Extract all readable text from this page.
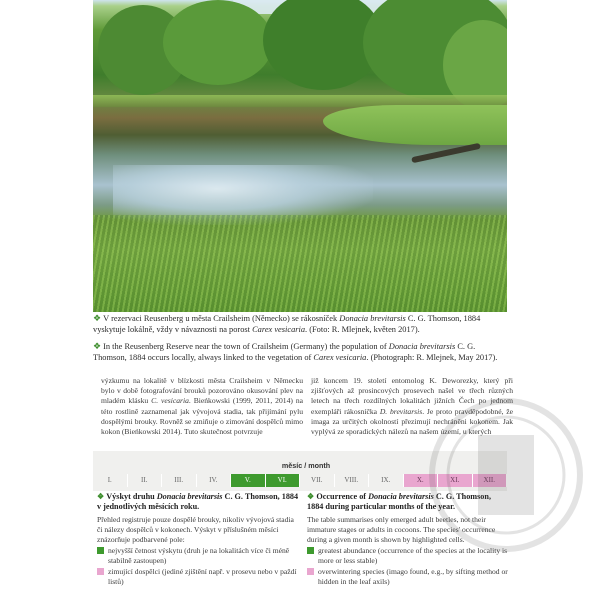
❖ V rezervaci Reusenberg u města Crailsheim (Německo) se rákosníček Donacia brevitarsis C. G. Thomson, 1884 vyskytuje lokálně, vždy v návaznosti na porost Carex vesicaria. (Foto: R. Mlejnek, květen 2017).
❖ In the Reusenberg Reserve near the town of Crailsheim (Germany) the population of Donacia brevitarsis C. G. Thomson, 1884 occurs locally, always linked to the vegetation of Carex vesicaria. (Photograph: R. Mlejnek, May 2017).
výzkumu na lokalitě v blízkosti města Crailsheim v Německu bylo v době fotografování brouků pozorováno okusování plev na mladém klásku C. vesicaria. Bieńkowski (1999, 2011, 2014) na této rostlině zaznamenal jak vývojová stadia, tak přijímání pylu dospělými brouky. Rovněž se zmiňuje o zimování dospělců mimo kokon (Bieńkowski 2014). Tuto skutečnost potvrzuje
již koncem 19. století entomolog K. Deworezky, který při zjišťových až prosincových prosevech našel ve třech různých letech na třech rozdílných lokalitách jižních Čech po jednom exempláři rákosníčka D. brevitarsis. Je proto pravděpodobné, že imaga za určitých okolností přezimují nechráněni kokonem. Jak vyplývá ze sporadických nálezů na našem území, u kterých
měsíc / month
I.	II.	III.	IV.	V.	VI.	VII.	VIII.	IX.	X.	XI.	XII.
❖ Výskyt druhu Donacia brevitarsis C. G. Thomson, 1884 v jednotlivých měsících roku.
Přehled registruje pouze dospělé brouky, nikoliv vývojová stadia či nálezy dospělců v kokonech. Výskyt v příslušném měsíci znázorňuje podbarvené pole:
nejvyšší četnost výskytu (druh je na lokalitách více či méně stabilně zastoupen)
zimující dospělci (jediné zjištění např. v prosevu nebo v paždí listů)
❖ Occurrence of Donacia brevitarsis C. G. Thomson, 1884 during particular months of the year.
The table summarises only emerged adult beetles, not their immature stages or adults in cocoons. The species' occurrence during a given month is shown by highlighted cells.
greatest abundance (occurrence of the species at the locality is more or less stable)
overwintering species (imago found, e.g., by sifting method or hidden in the leaf axils)
